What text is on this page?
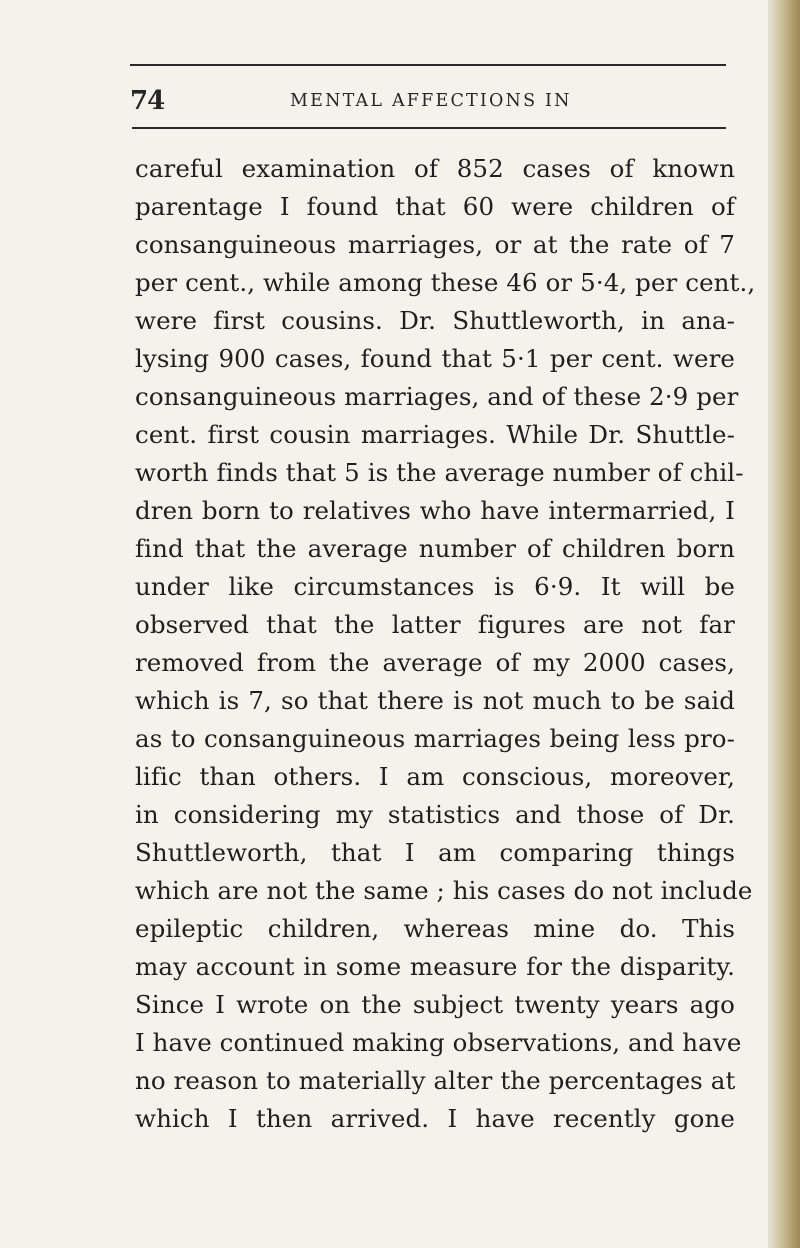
74	MENTAL AFFECTIONS IN
careful examination of 852 cases of known
parentage I found that 60 were children of
consanguineous marriages, or at the rate of 7
per cent., while among these 46 or 5·4, per cent.,
were first cousins. Dr. Shuttleworth, in ana-
lysing 900 cases, found that 5·1 per cent. were
consanguineous marriages, and of these 2·9 per
cent. first cousin marriages. While Dr. Shuttle-
worth finds that 5 is the average number of chil-
dren born to relatives who have intermarried, I
find that the average number of children born
under like circumstances is 6·9. It will be
observed that the latter figures are not far
removed from the average of my 2000 cases,
which is 7, so that there is not much to be said
as to consanguineous marriages being less pro-
lific than others. I am conscious, moreover,
in considering my statistics and those of Dr.
Shuttleworth, that I am comparing things
which are not the same ; his cases do not include
epileptic children, whereas mine do. This
may account in some measure for the disparity.
Since I wrote on the subject twenty years ago
I have continued making observations, and have
no reason to materially alter the percentages at
which I then arrived. I have recently gone
